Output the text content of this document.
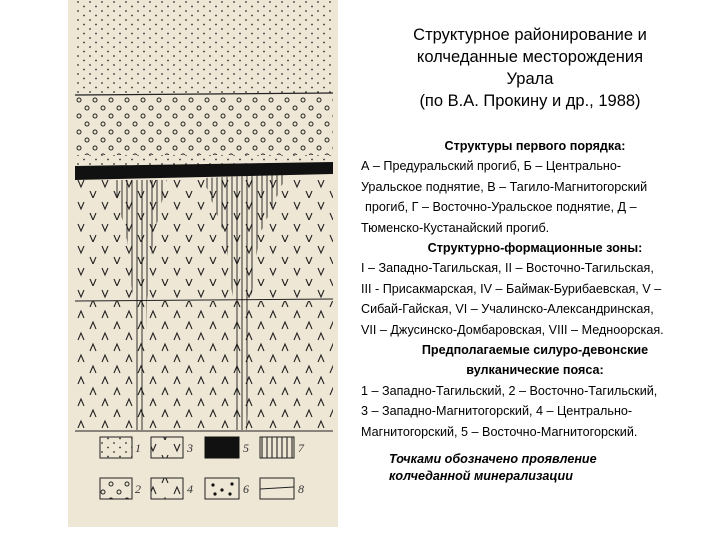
1
2
3
4
5
6
7
8
Структурное районирование и
колчеданные месторождения
Урала
(по В.А. Прокину и др., 1988)
Структуры первого порядка:
А – Предуральский прогиб, Б – Центрально-
Уральское поднятие, В – Тагило-Магнитогорский
прогиб, Г – Восточно-Уральское поднятие, Д –
Тюменско-Кустанайский прогиб.
Структурно-формационные зоны:
I – Западно-Тагильская, II – Восточно-Тагильская,
III - Присакмарская, IV – Баймак-Бурибаевская, V –
Сибай-Гайская, VI – Учалинско-Александринская,
VII – Джусинско-Домбаровская, VIII – Медноорская.
Предполагаемые силуро-девонские
вулканические пояса:
1 – Западно-Тагильский, 2 – Восточно-Тагильский,
3 – Западно-Магнитогорский, 4 – Центрально-
Магнитогорский, 5 – Восточно-Магнитогорский.
Точками обозначено проявление
колчеданной минерализации
